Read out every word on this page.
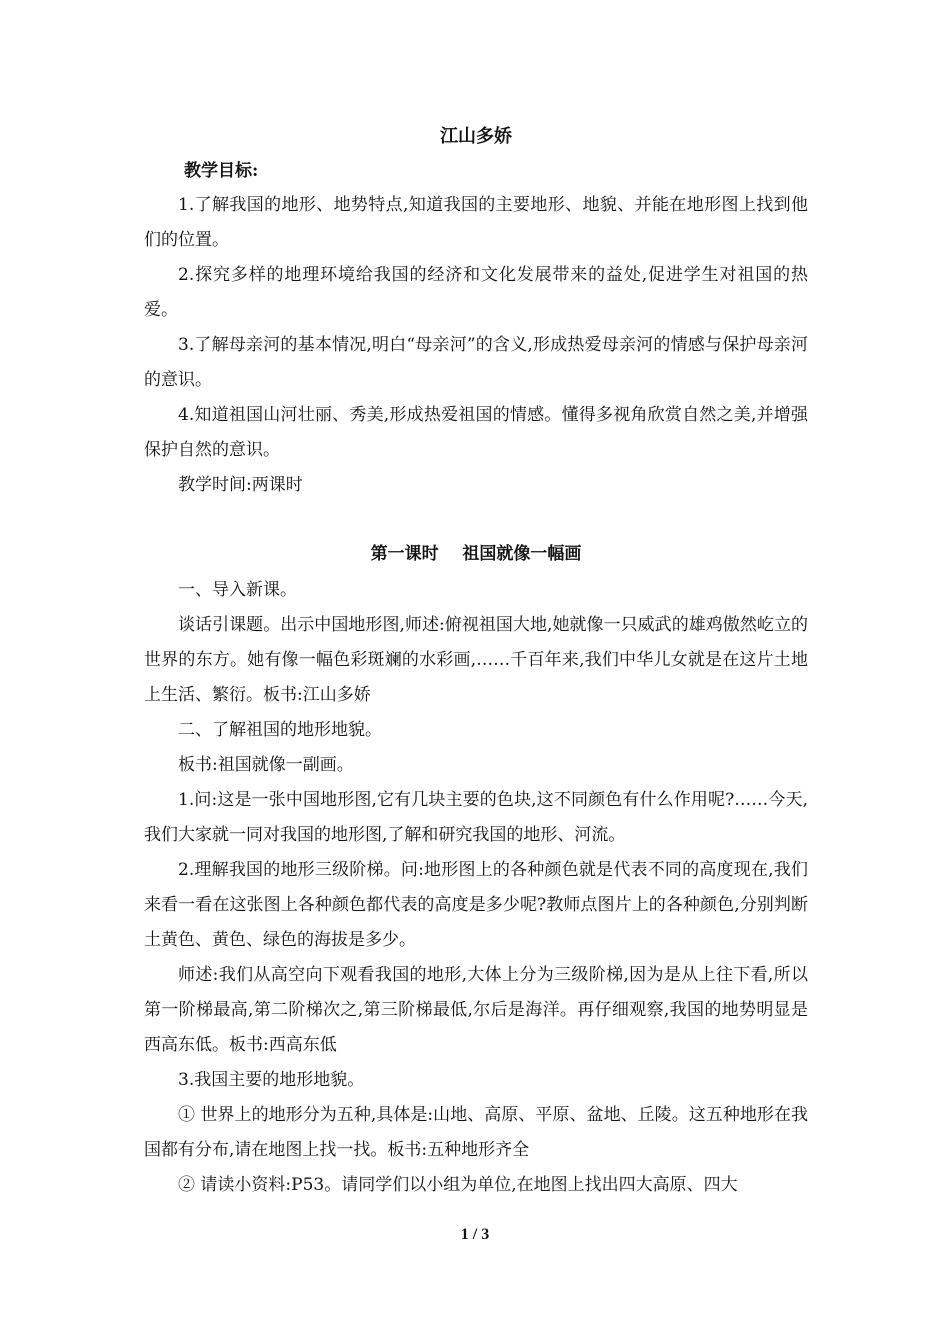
江山多娇
教学目标:

1.了解我国的地形、地势特点,知道我国的主要地形、地貌、并能在地形图上找到他们的位置。

2.探究多样的地理环境给我国的经济和文化发展带来的益处,促进学生对祖国的热爱。

3.了解母亲河的基本情况,明白“母亲河”的含义,形成热爱母亲河的情感与保护母亲河的意识。

4.知道祖国山河壮丽、秀美,形成热爱祖国的情感。懂得多视角欣赏自然之美,并增强保护自然的意识。

教学时间:两课时

第一课时    祖国就像一幅画

一、导入新课。

谈话引课题。出示中国地形图,师述:俯视祖国大地,她就像一只威武的雄鸡傲然屹立的世界的东方。她有像一幅色彩斑斓的水彩画,……千百年来,我们中华儿女就是在这片土地上生活、繁衍。板书:江山多娇

二、了解祖国的地形地貌。

板书:祖国就像一副画。

1.问:这是一张中国地形图,它有几块主要的色块,这不同颜色有什么作用呢?……今天,我们大家就一同对我国的地形图,了解和研究我国的地形、河流。

2.理解我国的地形三级阶梯。问:地形图上的各种颜色就是代表不同的高度现在,我们来看一看在这张图上各种颜色都代表的高度是多少呢?教师点图片上的各种颜色,分别判断土黄色、黄色、绿色的海拔是多少。

师述:我们从高空向下观看我国的地形,大体上分为三级阶梯,因为是从上往下看,所以第一阶梯最高,第二阶梯次之,第三阶梯最低,尔后是海洋。再仔细观察,我国的地势明显是西高东低。板书:西高东低

3.我国主要的地形地貌。

① 世界上的地形分为五种,具体是:山地、高原、平原、盆地、丘陵。这五种地形在我国都有分布,请在地图上找一找。板书:五种地形齐全

② 请读小资料:P53。请同学们以小组为单位,在地图上找出四大高原、四大

1 / 3
